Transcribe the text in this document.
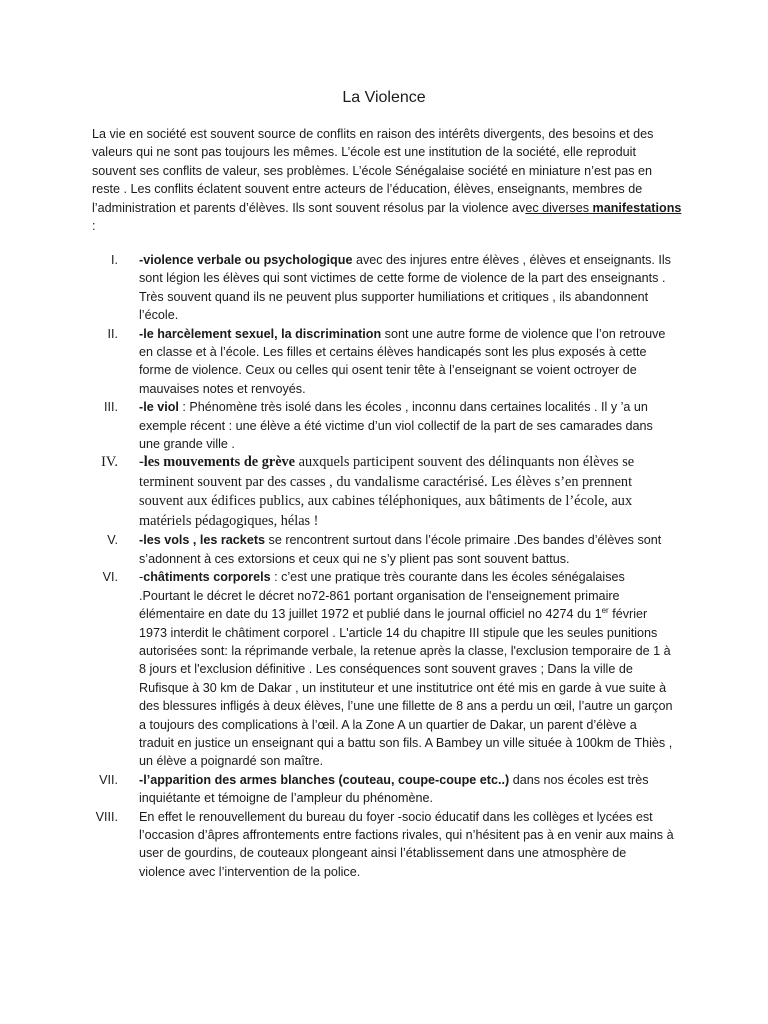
La Violence

La vie en société est souvent source de conflits en raison des intérêts divergents, des besoins et des valeurs qui ne sont pas toujours les mêmes. L’école est une institution de la société, elle reproduit souvent ses conflits de valeur, ses problèmes. L’école Sénégalaise société en miniature n’est pas en reste . Les conflits éclatent souvent entre acteurs de l’éducation, élèves, enseignants, membres de l’administration et parents d’élèves. Ils sont souvent résolus par la violence avec diverses manifestations :

I. -violence verbale ou psychologique avec des injures entre élèves , élèves et enseignants. Ils sont légion les élèves qui sont victimes de cette forme de violence de la part des enseignants . Très souvent quand ils ne peuvent plus supporter humiliations et critiques , ils abandonnent l’école.
II. -le harcèlement sexuel, la discrimination sont une autre forme de violence que l’on retrouve en classe et à l’école. Les filles et certains élèves handicapés sont les plus exposés à cette forme de violence. Ceux ou celles qui osent tenir tête à l’enseignant se voient octroyer de mauvaises notes et renvoyés.
III. -le viol : Phénomène très isolé dans les écoles , inconnu dans certaines localités . Il y ’a un exemple récent : une élève a été victime d’un viol collectif de la part de ses camarades dans une grande ville .
IV. -les mouvements de grève auxquels participent souvent des délinquants non élèves se terminent souvent par des casses , du vandalisme caractérisé. Les élèves s’en prennent souvent aux édifices publics, aux cabines téléphoniques, aux bâtiments de l’école, aux matériels pédagogiques, hélas !
V. -les vols , les rackets se rencontrent surtout dans l’école primaire .Des bandes d’élèves sont s’adonnent à ces extorsions et ceux qui ne s’y plient pas sont souvent battus.
VI. -châtiments corporels : c’est une pratique très courante dans les écoles sénégalaises .Pourtant le décret le décret no72-861 portant organisation de l'enseignement primaire élémentaire en date du 13 juillet 1972 et publié dans le journal officiel no 4274 du 1er février 1973 interdit le châtiment corporel . L'article 14 du chapitre III stipule que les seules punitions autorisées sont: la réprimande verbale, la retenue après la classe, l'exclusion temporaire de 1 à 8 jours et l'exclusion définitive . Les conséquences sont souvent graves ; Dans la ville de Rufisque à 30 km de Dakar , un instituteur et une institutrice ont été mis en garde à vue suite à des blessures infligés à deux élèves, l’une une fillette de 8 ans a perdu un œil, l’autre un garçon a toujours des complications à l’œil. A la Zone A un quartier de Dakar, un parent d’élève a traduit en justice un enseignant qui a battu son fils. A Bambey un ville située à 100km de Thiès , un élève a poignardé son maître.
VII. -l’apparition des armes blanches (couteau, coupe-coupe etc..) dans nos écoles est très inquiétante et témoigne de l’ampleur du phénomène.
VIII. En effet le renouvellement du bureau du foyer -socio éducatif dans les collèges et lycées est l’occasion d’âpres affrontements entre factions rivales, qui n’hésitent pas à en venir aux mains à user de gourdins, de couteaux plongeant ainsi l’établissement dans une atmosphère de violence avec l’intervention de la police.
